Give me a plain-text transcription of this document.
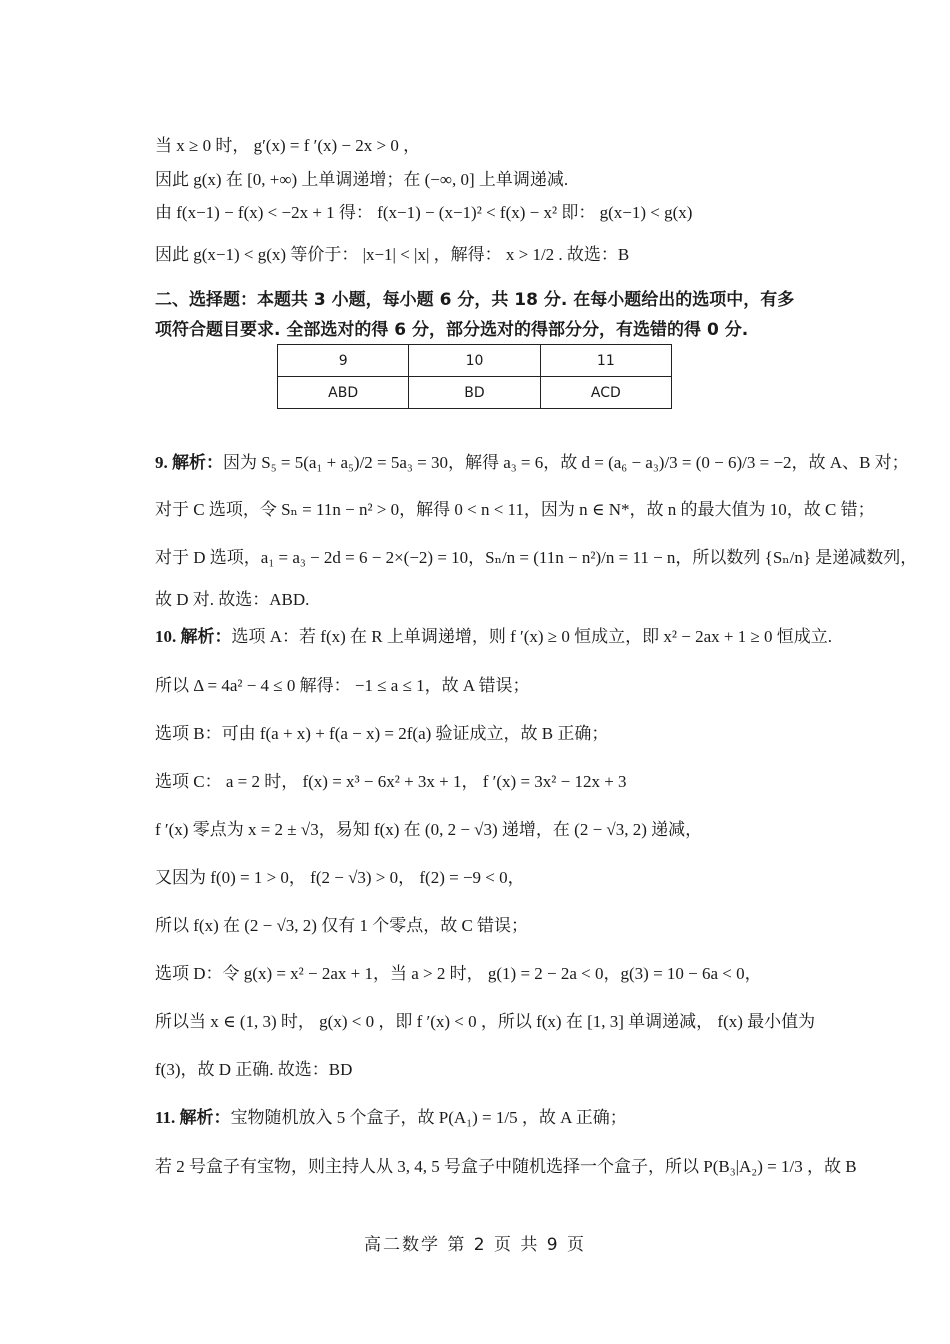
当 x ≥ 0 时， g′(x) = f ′(x) − 2x > 0 ，
因此 g(x) 在 [0, +∞) 上单调递增；在 (−∞, 0] 上单调递减.
由 f(x−1) − f(x) < −2x + 1 得： f(x−1) − (x−1)² < f(x) − x² 即： g(x−1) < g(x)
因此 g(x−1) < g(x) 等价于： |x−1| < |x| ，解得： x > 1/2 . 故选：B
二、选择题：本题共 3 小题，每小题 6 分，共 18 分. 在每小题给出的选项中，有多
项符合题目要求. 全部选对的得 6 分，部分选对的得部分分，有选错的得 0 分.
9	10	11
ABD	BD	ACD
9. 解析：因为 S₅ = 5(a₁ + a₅)/2 = 5a₃ = 30，解得 a₃ = 6，故 d = (a₆ − a₃)/3 = (0 − 6)/3 = −2，故 A、B 对；
对于 C 选项，令 Sₙ = 11n − n² > 0，解得 0 < n < 11，因为 n ∈ N*，故 n 的最大值为 10，故 C 错；
对于 D 选项，a₁ = a₃ − 2d = 6 − 2×(−2) = 10，Sₙ/n = (11n − n²)/n = 11 − n，所以数列 {Sₙ/n} 是递减数列，
故 D 对. 故选：ABD.
10. 解析：选项 A：若 f(x) 在 R 上单调递增，则 f ′(x) ≥ 0 恒成立，即 x² − 2ax + 1 ≥ 0 恒成立.
所以 Δ = 4a² − 4 ≤ 0 解得： −1 ≤ a ≤ 1，故 A 错误；
选项 B：可由 f(a + x) + f(a − x) = 2f(a) 验证成立，故 B 正确；
选项 C： a = 2 时， f(x) = x³ − 6x² + 3x + 1， f ′(x) = 3x² − 12x + 3
f ′(x) 零点为 x = 2 ± √3，易知 f(x) 在 (0, 2 − √3) 递增，在 (2 − √3, 2) 递减，
又因为 f(0) = 1 > 0， f(2 − √3) > 0， f(2) = −9 < 0，
所以 f(x) 在 (2 − √3, 2) 仅有 1 个零点，故 C 错误；
选项 D：令 g(x) = x² − 2ax + 1，当 a > 2 时， g(1) = 2 − 2a < 0，g(3) = 10 − 6a < 0，
所以当 x ∈ (1, 3) 时， g(x) < 0 ，即 f ′(x) < 0 ，所以 f(x) 在 [1, 3] 单调递减， f(x) 最小值为
f(3)，故 D 正确. 故选：BD
11. 解析：宝物随机放入 5 个盒子，故 P(A₁) = 1/5 ，故 A 正确；
若 2 号盒子有宝物，则主持人从 3, 4, 5 号盒子中随机选择一个盒子，所以 P(B₃|A₂) = 1/3 ，故 B
高二数学 第 2 页 共 9 页
